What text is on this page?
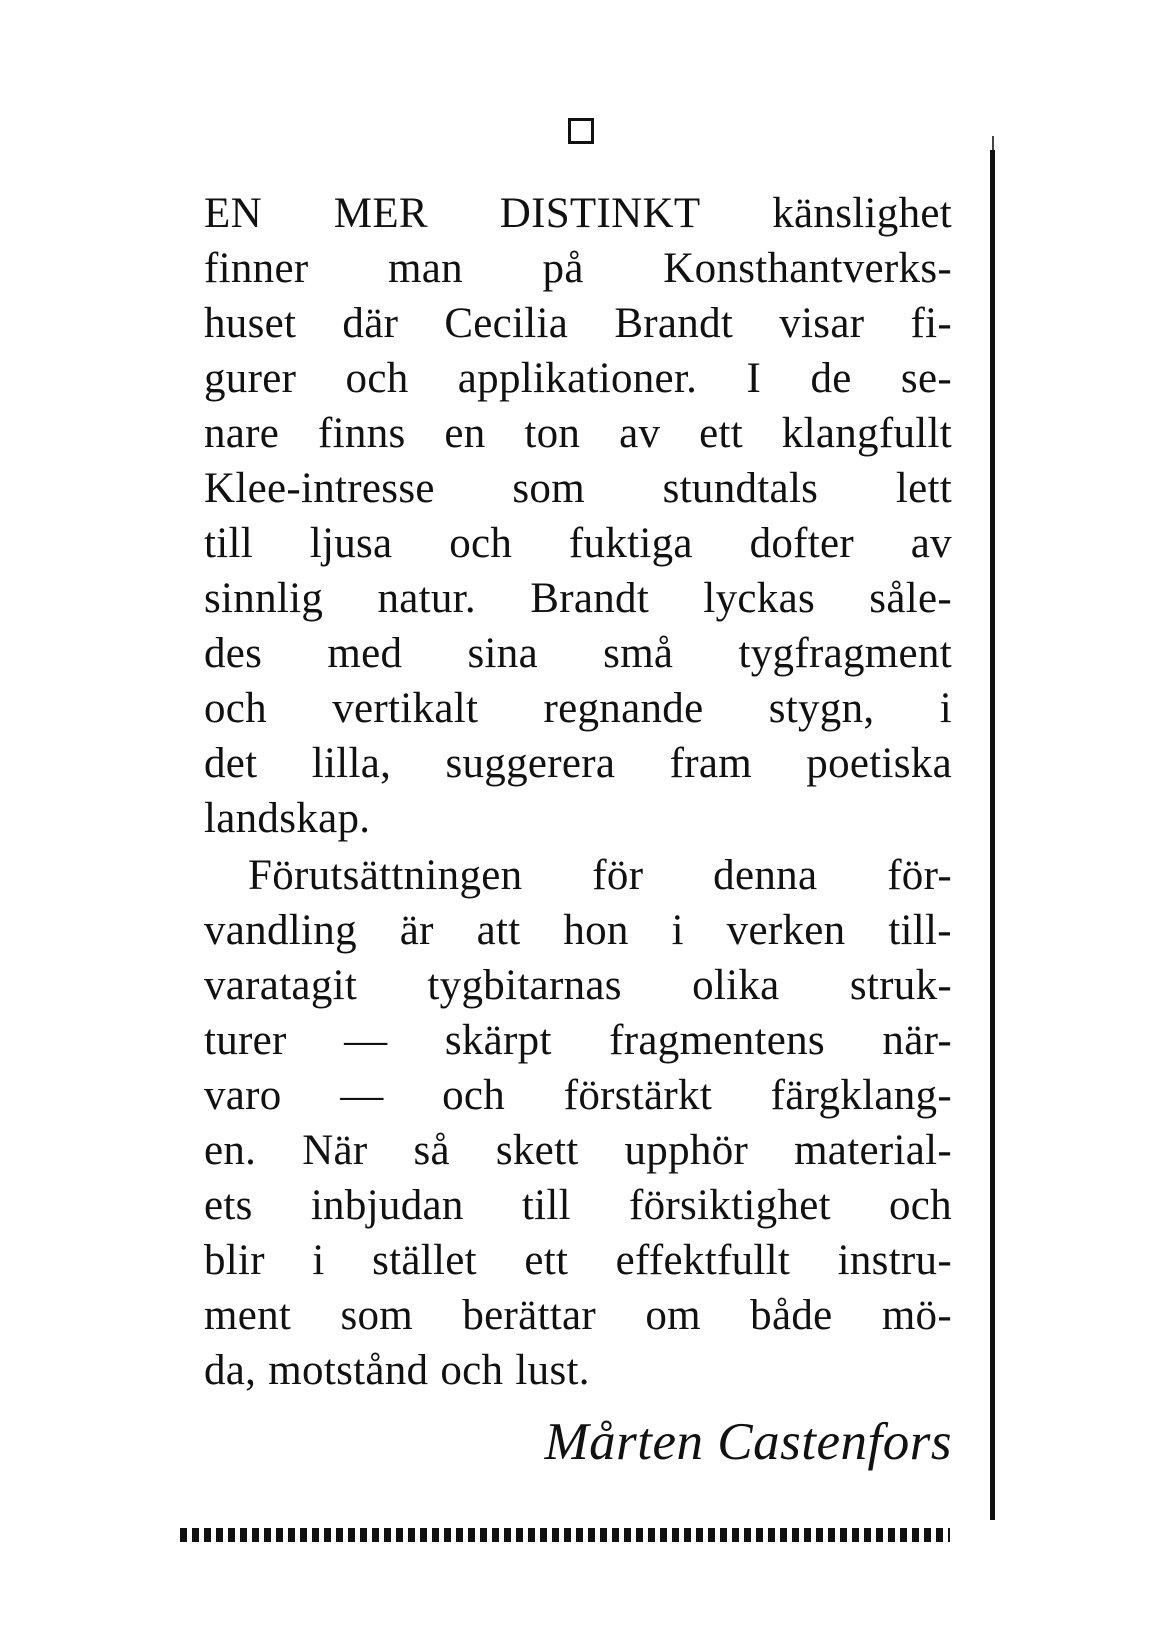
EN MER DISTINKT känslighet
finner man på Konsthantverks-
huset där Cecilia Brandt visar fi-
gurer och applikationer. I de se-
nare finns en ton av ett klangfullt
Klee-intresse som stundtals lett
till ljusa och fuktiga dofter av
sinnlig natur. Brandt lyckas såle-
des med sina små tygfragment
och vertikalt regnande stygn, i
det lilla, suggerera fram poetiska
landskap.
Förutsättningen för denna för-
vandling är att hon i verken till-
varatagit tygbitarnas olika struk-
turer — skärpt fragmentens när-
varo — och förstärkt färgklang-
en. När så skett upphör material-
ets inbjudan till försiktighet och
blir i stället ett effektfullt instru-
ment som berättar om både mö-
da, motstånd och lust.
Mårten Castenfors
